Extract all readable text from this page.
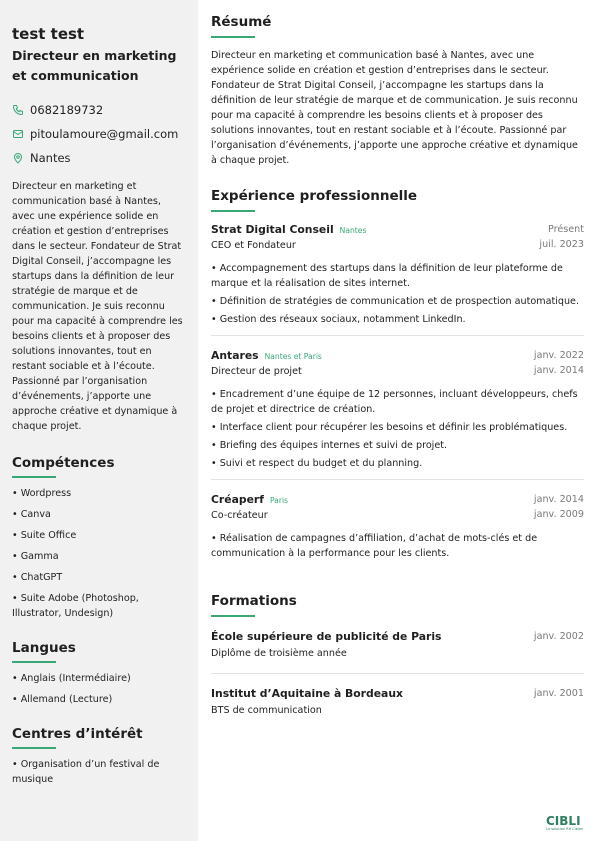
test test
Directeur en marketing et communication
0682189732
pitoulamoure@gmail.com
Nantes

Directeur en marketing et communication basé à Nantes, avec une expérience solide en création et gestion d’entreprises dans le secteur. Fondateur de Strat Digital Conseil, j’accompagne les startups dans la définition de leur stratégie de marque et de communication. Je suis reconnu pour ma capacité à comprendre les besoins clients et à proposer des solutions innovantes, tout en restant sociable et à l’écoute. Passionné par l’organisation d’événements, j’apporte une approche créative et dynamique à chaque projet.

Compétences
• Wordpress
• Canva
• Suite Office
• Gamma
• ChatGPT
• Suite Adobe (Photoshop, Illustrator, Undesign)
Langues
• Anglais (Intermédiaire)
• Allemand (Lecture)
Centres d’intérêt
• Organisation d’un festival de musique
Résumé

Directeur en marketing et communication basé à Nantes, avec une expérience solide en création et gestion d’entreprises dans le secteur. Fondateur de Strat Digital Conseil, j’accompagne les startups dans la définition de leur stratégie de marque et de communication. Je suis reconnu pour ma capacité à comprendre les besoins clients et à proposer des solutions innovantes, tout en restant sociable et à l’écoute. Passionné par l’organisation d’événements, j’apporte une approche créative et dynamique à chaque projet.

Expérience professionnelle
Strat Digital Conseil Nantes
CEO et Fondateur
Présent
juil. 2023
• Accompagnement des startups dans la définition de leur plateforme de marque et la réalisation de sites internet.
• Définition de stratégies de communication et de prospection automatique.
• Gestion des réseaux sociaux, notamment LinkedIn.
Antares Nantes et Paris
Directeur de projet
janv. 2022
janv. 2014
• Encadrement d’une équipe de 12 personnes, incluant développeurs, chefs de projet et directrice de création.
• Interface client pour récupérer les besoins et définir les problématiques.
• Briefing des équipes internes et suivi de projet.
• Suivi et respect du budget et du planning.
Créaperf Paris
Co-créateur
janv. 2014
janv. 2009
• Réalisation de campagnes d’affiliation, d’achat de mots-clés et de communication à la performance pour les clients.
Formations
École supérieure de publicité de Paris
Diplôme de troisième année
janv. 2002
Institut d’Aquitaine à Bordeaux
BTS de communication
janv. 2001
CIBLI
La solution RH Cibles
